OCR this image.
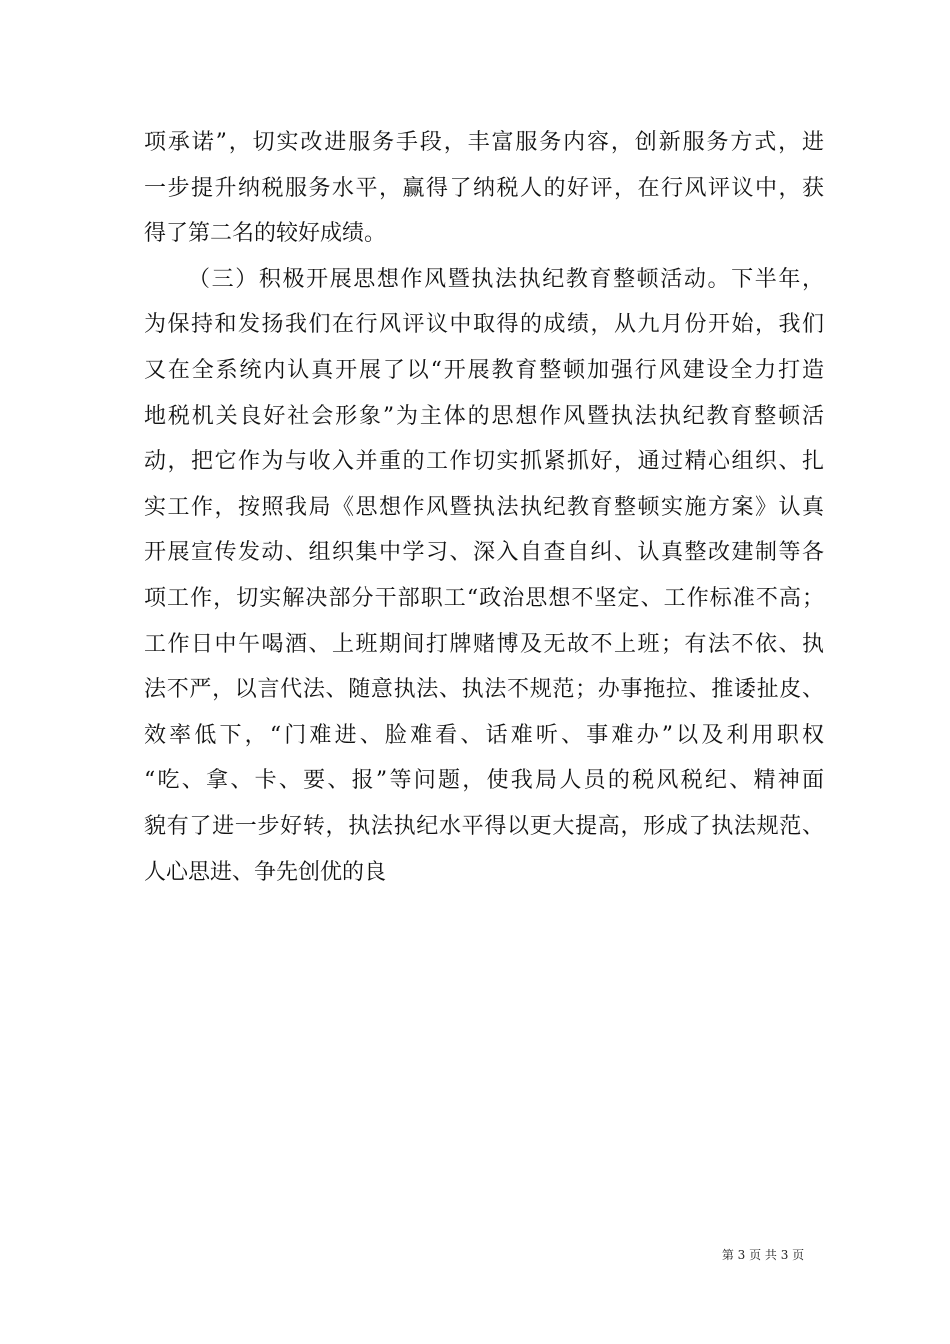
项承诺”，切实改进服务手段，丰富服务内容，创新服务方式，进
一步提升纳税服务水平，赢得了纳税人的好评，在行风评议中，获
得了第二名的较好成绩。
（三）积极开展思想作风暨执法执纪教育整顿活动。下半年，
为保持和发扬我们在行风评议中取得的成绩，从九月份开始，我们
又在全系统内认真开展了以“开展教育整顿加强行风建设全力打造
地税机关良好社会形象”为主体的思想作风暨执法执纪教育整顿活
动，把它作为与收入并重的工作切实抓紧抓好，通过精心组织、扎
实工作，按照我局《思想作风暨执法执纪教育整顿实施方案》认真
开展宣传发动、组织集中学习、深入自查自纠、认真整改建制等各
项工作，切实解决部分干部职工“政治思想不坚定、工作标准不高；
工作日中午喝酒、上班期间打牌赌博及无故不上班；有法不依、执
法不严，以言代法、随意执法、执法不规范；办事拖拉、推诿扯皮、
效率低下，“门难进、脸难看、话难听、事难办”以及利用职权
“吃、拿、卡、要、报”等问题，使我局人员的税风税纪、精神面
貌有了进一步好转，执法执纪水平得以更大提高，形成了执法规范、
人心思进、争先创优的良
第 3 页 共 3 页
